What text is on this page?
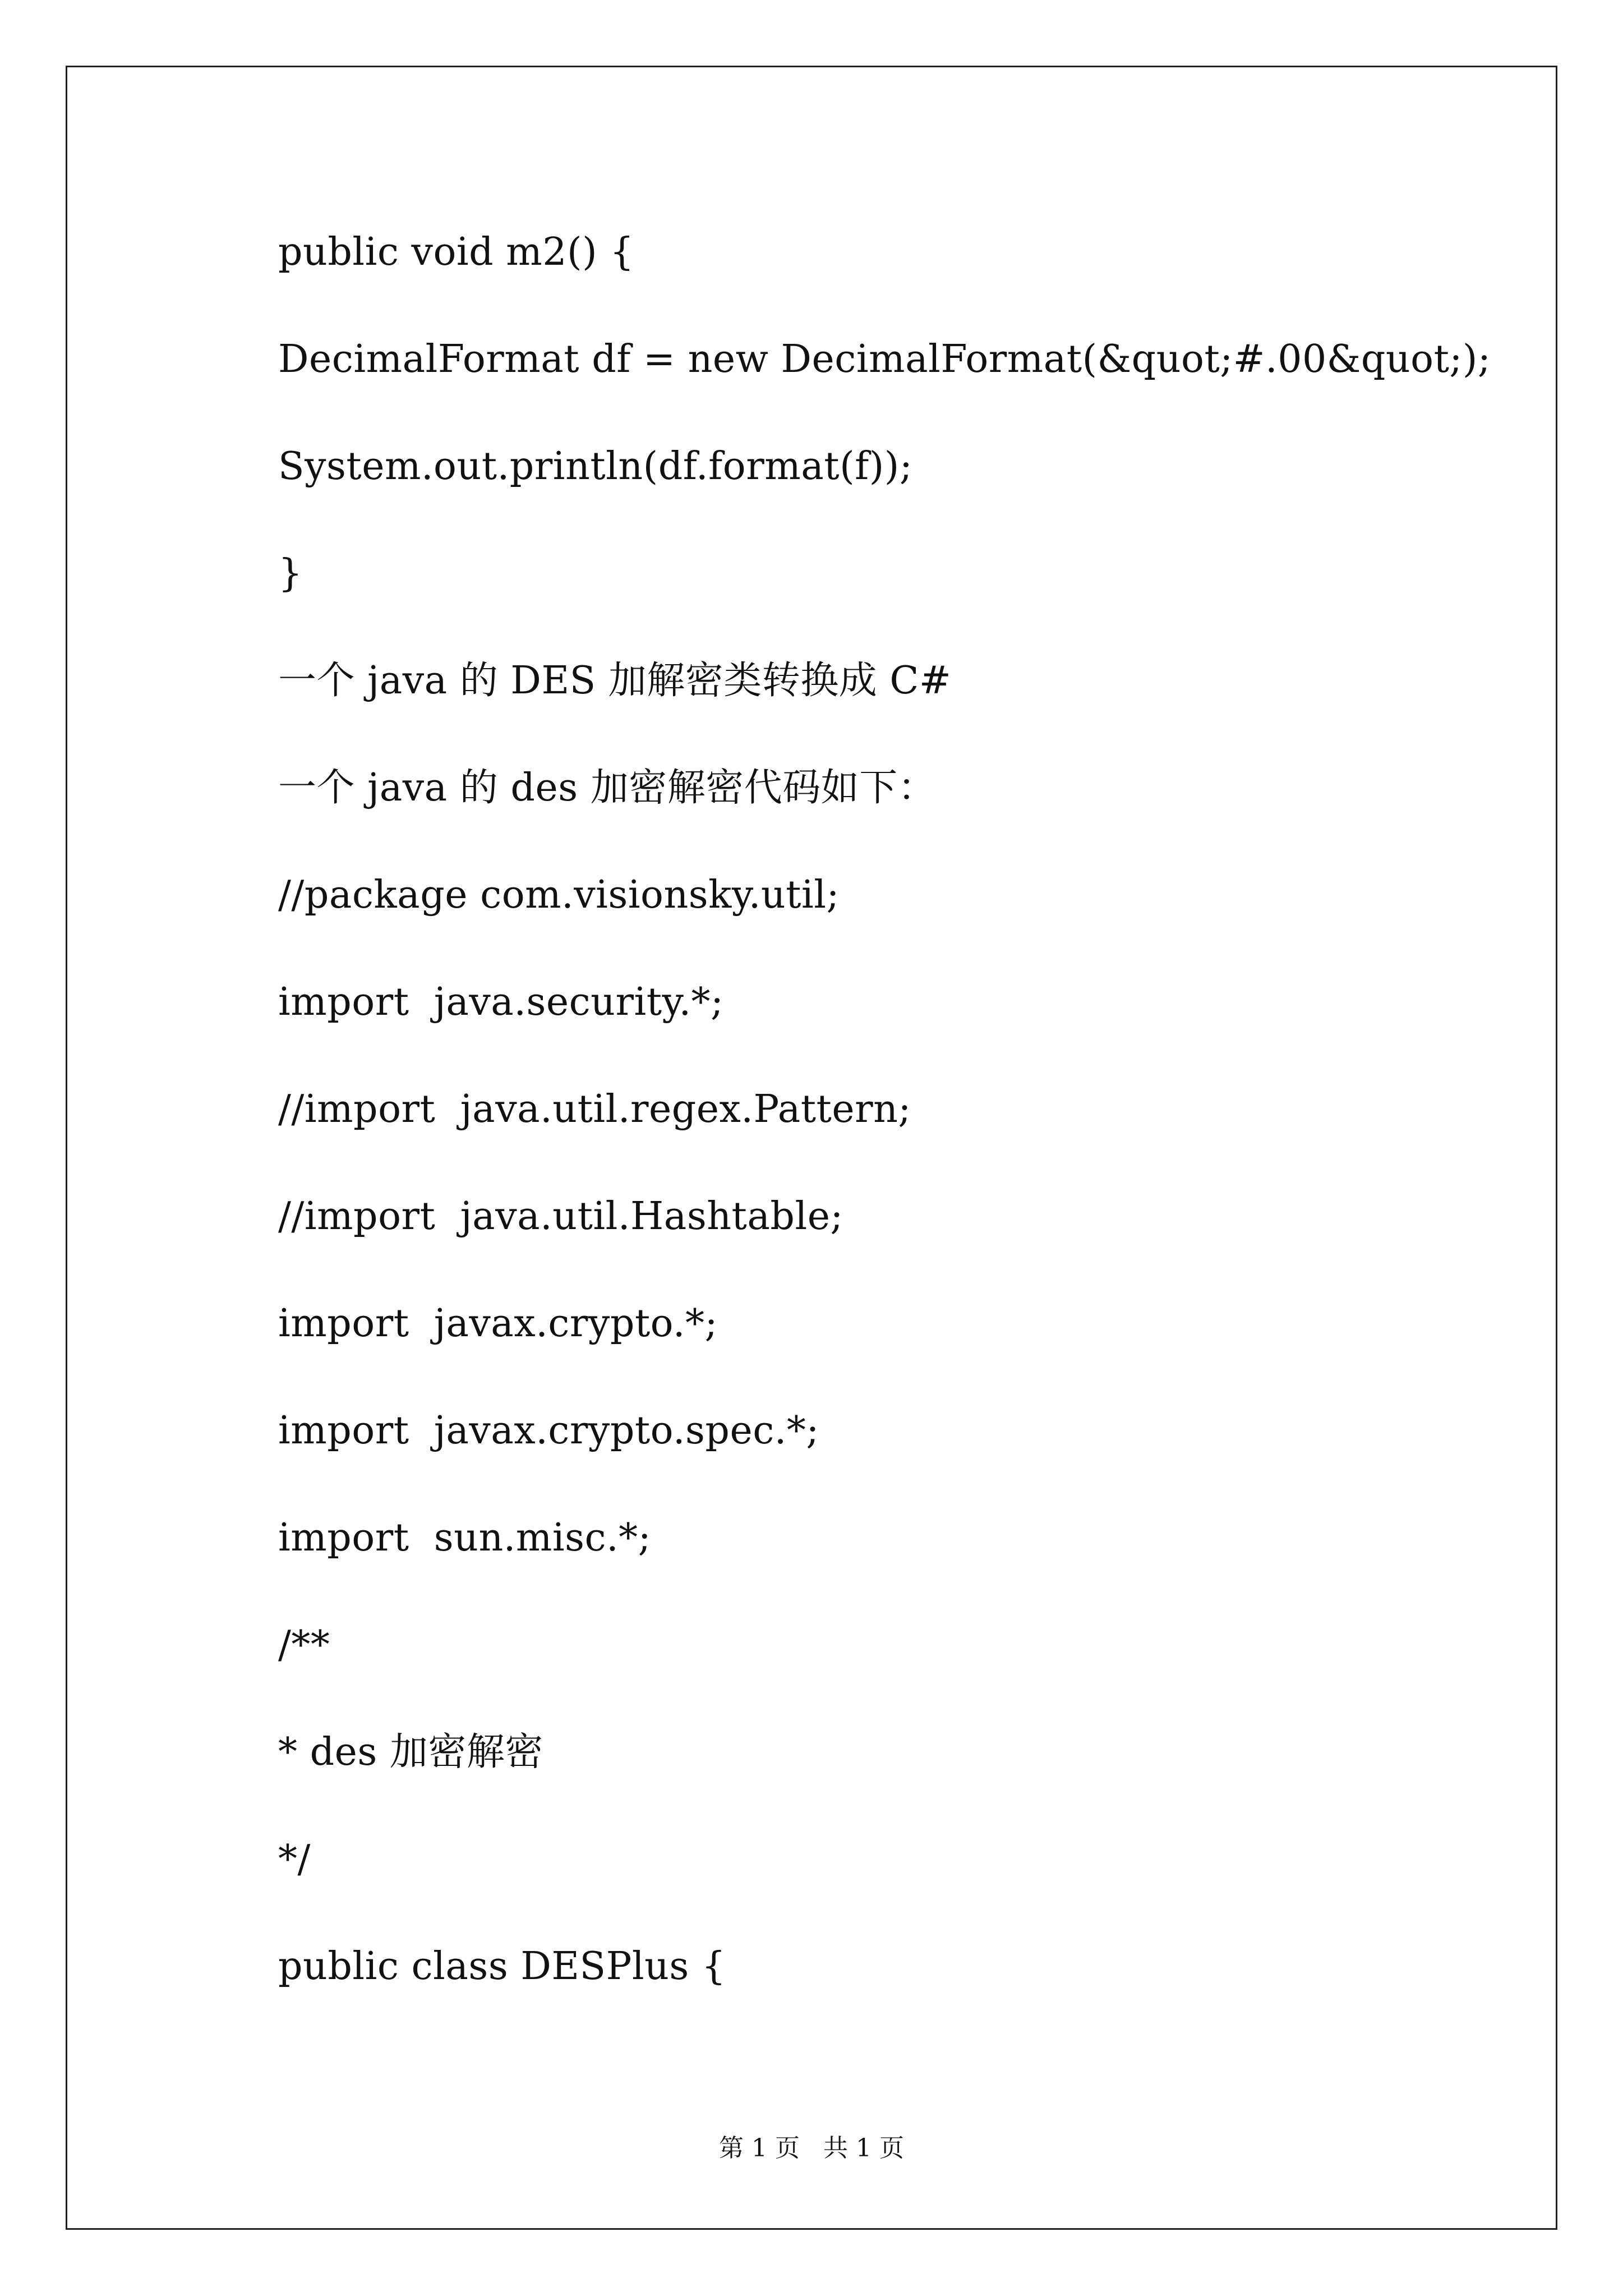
public void m2() {
DecimalFormat df = new DecimalFormat(&quot;#.00&quot;);
System.out.println(df.format(f));
}
一个 java 的 DES 加解密类转换成 C#
一个 java 的 des 加密解密代码如下：
//package com.visionsky.util;
import  java.security.*;
//import  java.util.regex.Pattern;
//import  java.util.Hashtable;
import  javax.crypto.*;
import  javax.crypto.spec.*;
import  sun.misc.*;
/**
* des 加密解密
*/
public class DESPlus {
第 1 页   共 1 页
